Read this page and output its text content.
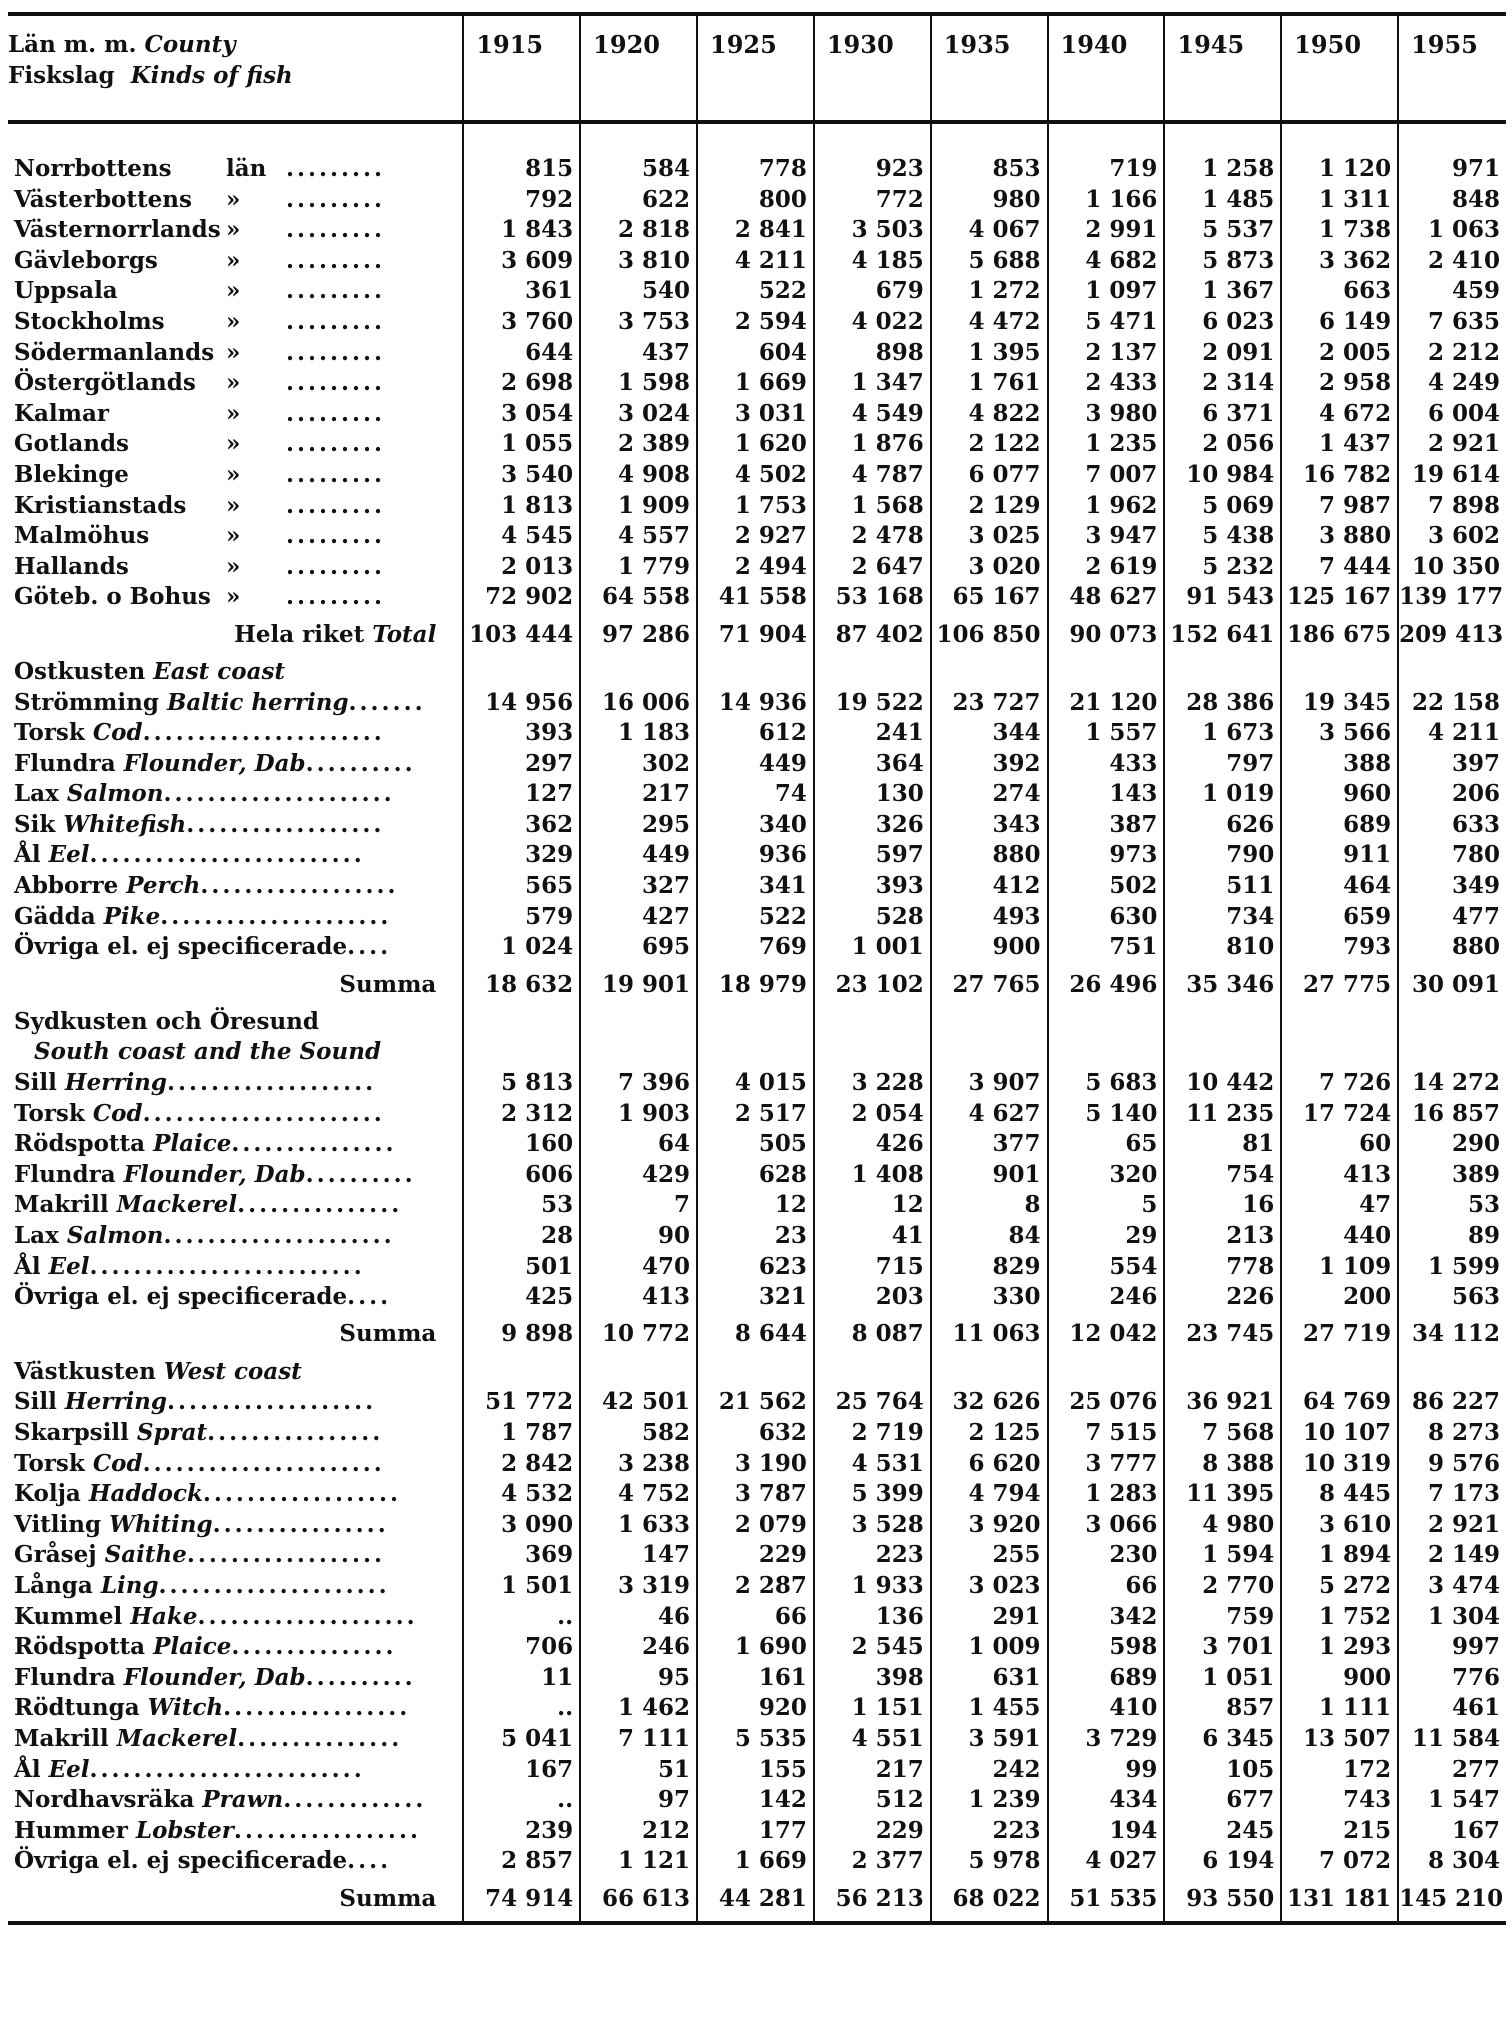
Län m. m. County
Fiskslag Kinds of fish	1915	1920	1925	1930	1935	1940	1945	1950	1955

Norrbottens län .........	815	584	778	923	853	719	1 258	1 120	971
Västerbottens » .........	792	622	800	772	980	1 166	1 485	1 311	848
Västernorrlands » .........	1 843	2 818	2 841	3 503	4 067	2 991	5 537	1 738	1 063
Gävleborgs » .........	3 609	3 810	4 211	4 185	5 688	4 682	5 873	3 362	2 410
Uppsala » .........	361	540	522	679	1 272	1 097	1 367	663	459
Stockholms » .........	3 760	3 753	2 594	4 022	4 472	5 471	6 023	6 149	7 635
Södermanlands » .........	644	437	604	898	1 395	2 137	2 091	2 005	2 212
Östergötlands » .........	2 698	1 598	1 669	1 347	1 761	2 433	2 314	2 958	4 249
Kalmar » .........	3 054	3 024	3 031	4 549	4 822	3 980	6 371	4 672	6 004
Gotlands » .........	1 055	2 389	1 620	1 876	2 122	1 235	2 056	1 437	2 921
Blekinge » .........	3 540	4 908	4 502	4 787	6 077	7 007	10 984	16 782	19 614
Kristianstads » .........	1 813	1 909	1 753	1 568	2 129	1 962	5 069	7 987	7 898
Malmöhus » .........	4 545	4 557	2 927	2 478	3 025	3 947	5 438	3 880	3 602
Hallands » .........	2 013	1 779	2 494	2 647	3 020	2 619	5 232	7 444	10 350
Göteb. o Bohus » .........	72 902	64 558	41 558	53 168	65 167	48 627	91 543	125 167	139 177
Hela riket Total	103 444	97 286	71 904	87 402	106 850	90 073	152 641	186 675	209 413
Ostkusten East coast									
Strömming Baltic herring.......	14 956	16 006	14 936	19 522	23 727	21 120	28 386	19 345	22 158
Torsk Cod......................	393	1 183	612	241	344	1 557	1 673	3 566	4 211
Flundra Flounder, Dab..........	297	302	449	364	392	433	797	388	397
Lax Salmon.....................	127	217	74	130	274	143	1 019	960	206
Sik Whitefish..................	362	295	340	326	343	387	626	689	633
Ål Eel.........................	329	449	936	597	880	973	790	911	780
Abborre Perch..................	565	327	341	393	412	502	511	464	349
Gädda Pike.....................	579	427	522	528	493	630	734	659	477
Övriga el. ej specificerade....	1 024	695	769	1 001	900	751	810	793	880
Summa	18 632	19 901	18 979	23 102	27 765	26 496	35 346	27 775	30 091
Sydkusten och Öresund									
South coast and the Sound									
Sill Herring...................	5 813	7 396	4 015	3 228	3 907	5 683	10 442	7 726	14 272
Torsk Cod......................	2 312	1 903	2 517	2 054	4 627	5 140	11 235	17 724	16 857
Rödspotta Plaice...............	160	64	505	426	377	65	81	60	290
Flundra Flounder, Dab..........	606	429	628	1 408	901	320	754	413	389
Makrill Mackerel...............	53	7	12	12	8	5	16	47	53
Lax Salmon.....................	28	90	23	41	84	29	213	440	89
Ål Eel.........................	501	470	623	715	829	554	778	1 109	1 599
Övriga el. ej specificerade....	425	413	321	203	330	246	226	200	563
Summa	9 898	10 772	8 644	8 087	11 063	12 042	23 745	27 719	34 112
Västkusten West coast									
Sill Herring...................	51 772	42 501	21 562	25 764	32 626	25 076	36 921	64 769	86 227
Skarpsill Sprat................	1 787	582	632	2 719	2 125	7 515	7 568	10 107	8 273
Torsk Cod......................	2 842	3 238	3 190	4 531	6 620	3 777	8 388	10 319	9 576
Kolja Haddock..................	4 532	4 752	3 787	5 399	4 794	1 283	11 395	8 445	7 173
Vitling Whiting................	3 090	1 633	2 079	3 528	3 920	3 066	4 980	3 610	2 921
Gråsej Saithe..................	369	147	229	223	255	230	1 594	1 894	2 149
Långa Ling.....................	1 501	3 319	2 287	1 933	3 023	66	2 770	5 272	3 474
Kummel Hake....................	..	46	66	136	291	342	759	1 752	1 304
Rödspotta Plaice...............	706	246	1 690	2 545	1 009	598	3 701	1 293	997
Flundra Flounder, Dab..........	11	95	161	398	631	689	1 051	900	776
Rödtunga Witch.................	..	1 462	920	1 151	1 455	410	857	1 111	461
Makrill Mackerel...............	5 041	7 111	5 535	4 551	3 591	3 729	6 345	13 507	11 584
Ål Eel.........................	167	51	155	217	242	99	105	172	277
Nordhavsräka Prawn.............	..	97	142	512	1 239	434	677	743	1 547
Hummer Lobster.................	239	212	177	229	223	194	245	215	167
Övriga el. ej specificerade....	2 857	1 121	1 669	2 377	5 978	4 027	6 194	7 072	8 304
Summa	74 914	66 613	44 281	56 213	68 022	51 535	93 550	131 181	145 210
